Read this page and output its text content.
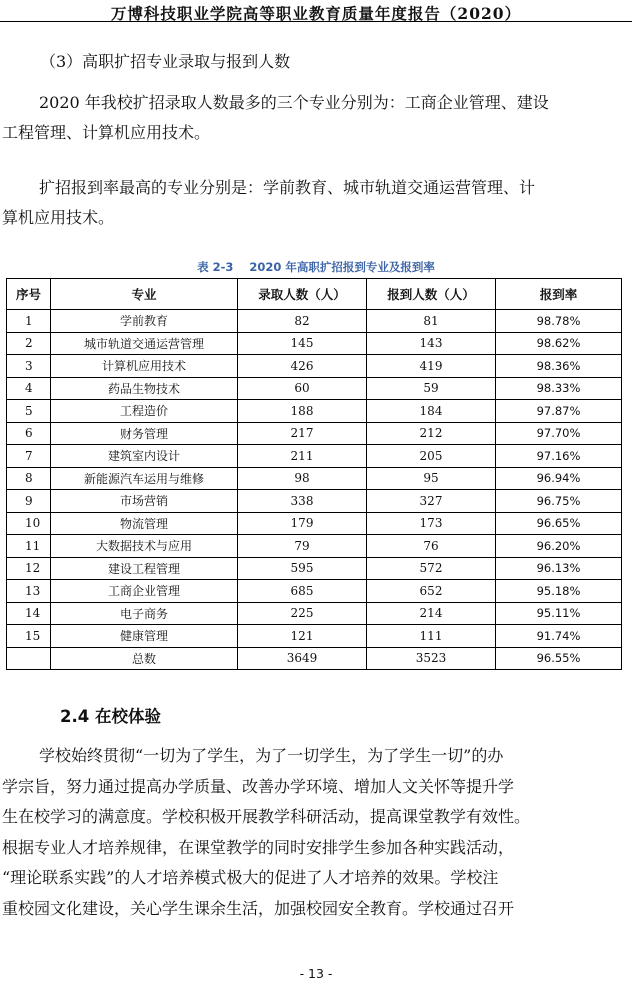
万博科技职业学院高等职业教育质量年度报告（2020）
（3）高职扩招专业录取与报到人数
2020 年我校扩招录取人数最多的三个专业分别为：工商企业管理、建设
工程管理、计算机应用技术。
扩招报到率最高的专业分别是：学前教育、城市轨道交通运营管理、计
算机应用技术。
表 2-3 2020 年高职扩招报到专业及报到率
序号	专业	录取人数（人）	报到人数（人）	报到率
1	学前教育	82	81	98.78%
2	城市轨道交通运营管理	145	143	98.62%
3	计算机应用技术	426	419	98.36%
4	药品生物技术	60	59	98.33%
5	工程造价	188	184	97.87%
6	财务管理	217	212	97.70%
7	建筑室内设计	211	205	97.16%
8	新能源汽车运用与维修	98	95	96.94%
9	市场营销	338	327	96.75%
10	物流管理	179	173	96.65%
11	大数据技术与应用	79	76	96.20%
12	建设工程管理	595	572	96.13%
13	工商企业管理	685	652	95.18%
14	电子商务	225	214	95.11%
15	健康管理	121	111	91.74%
	总数	3649	3523	96.55%
2.4 在校体验
学校始终贯彻“一切为了学生，为了一切学生，为了学生一切”的办
学宗旨，努力通过提高办学质量、改善办学环境、增加人文关怀等提升学
生在校学习的满意度。学校积极开展教学科研活动，提高课堂教学有效性。
根据专业人才培养规律，在课堂教学的同时安排学生参加各种实践活动，
“理论联系实践”的人才培养模式极大的促进了人才培养的效果。学校注
重校园文化建设，关心学生课余生活，加强校园安全教育。学校通过召开
- 13 -
